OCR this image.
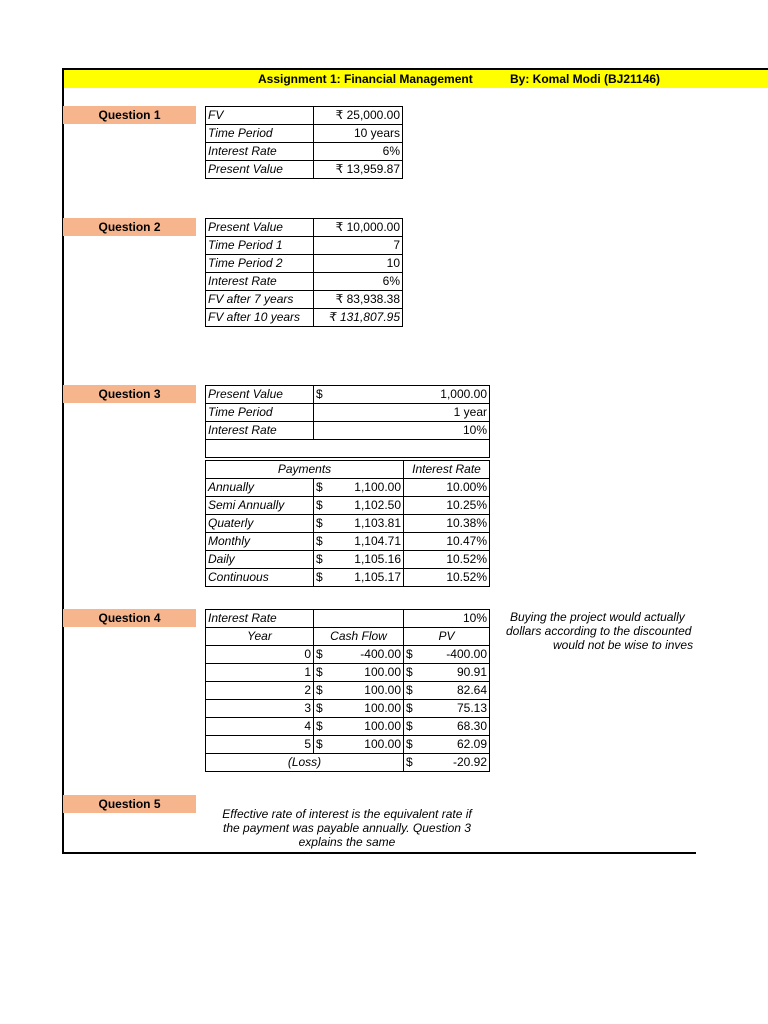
Assignment 1: Financial Management	By: Komal Modi (BJ21146)
Question 1	FV	₹ 25,000.00
Time Period	10 years
Interest Rate	6%
Present Value	₹ 13,959.87
Question 2	Present Value	₹ 10,000.00
Time Period 1	7
Time Period 2	10
Interest Rate	6%
FV after 7 years	₹ 83,938.38
FV after 10 years	₹ 131,807.95
Question 3	Present Value	$ 1,000.00
Time Period	1 year
Interest Rate	10%

Payments		Interest Rate
Annually	$ 1,100.00	10.00%
Semi Annually	$ 1,102.50	10.25%
Quaterly	$ 1,103.81	10.38%
Monthly	$ 1,104.71	10.47%
Daily	$ 1,105.16	10.52%
Continuous	$ 1,105.17	10.52%
Question 4	Interest Rate		10%
Year	Cash Flow	PV
0	$ -400.00	$ -400.00
1	$ 100.00	$ 90.91
2	$ 100.00	$ 82.64
3	$ 100.00	$ 75.13
4	$ 100.00	$ 68.30
5	$ 100.00	$ 62.09
(Loss)		$ -20.92
Buying the project would actually
dollars according to the discounted
would not be wise to inves
Question 5
Effective rate of interest is the equivalent rate if
the payment was payable annually. Question 3
explains the same
